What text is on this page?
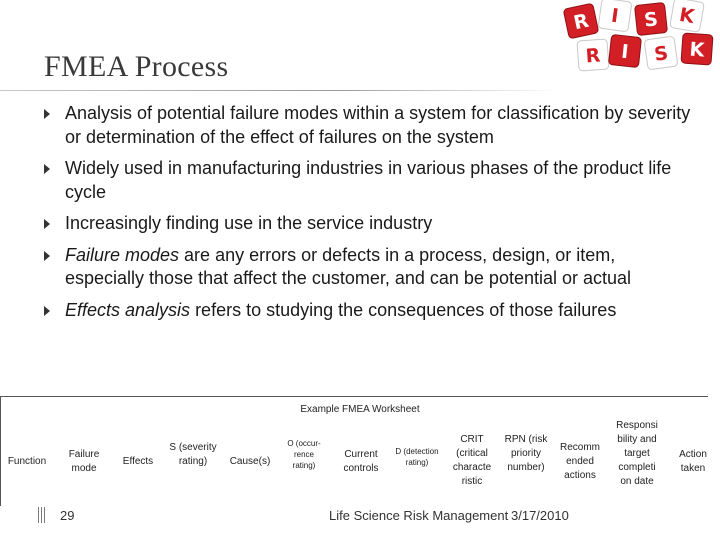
FMEA Process
R I S K
R I S K
Analysis of potential failure modes within a system for classification by severity or determination of the effect of failures on the system
Widely used in manufacturing industries in various phases of the product life cycle
Increasingly finding use in the service industry
Failure modes are any errors or defects in a process, design, or item, especially those that affect the customer, and can be potential or actual
Effects analysis refers to studying the consequences of those failures
Example FMEA Worksheet
Function
Failure mode
Effects
S (severity rating)	Cause(s)
O (occur-rence rating)
Current controls
D (detection rating)
CRIT (critical characte ristic
RPN (risk priority number)
Recomm ended actions
Responsi bility and target completi on date
Action taken
29	Life Science Risk Management 3/17/2010
